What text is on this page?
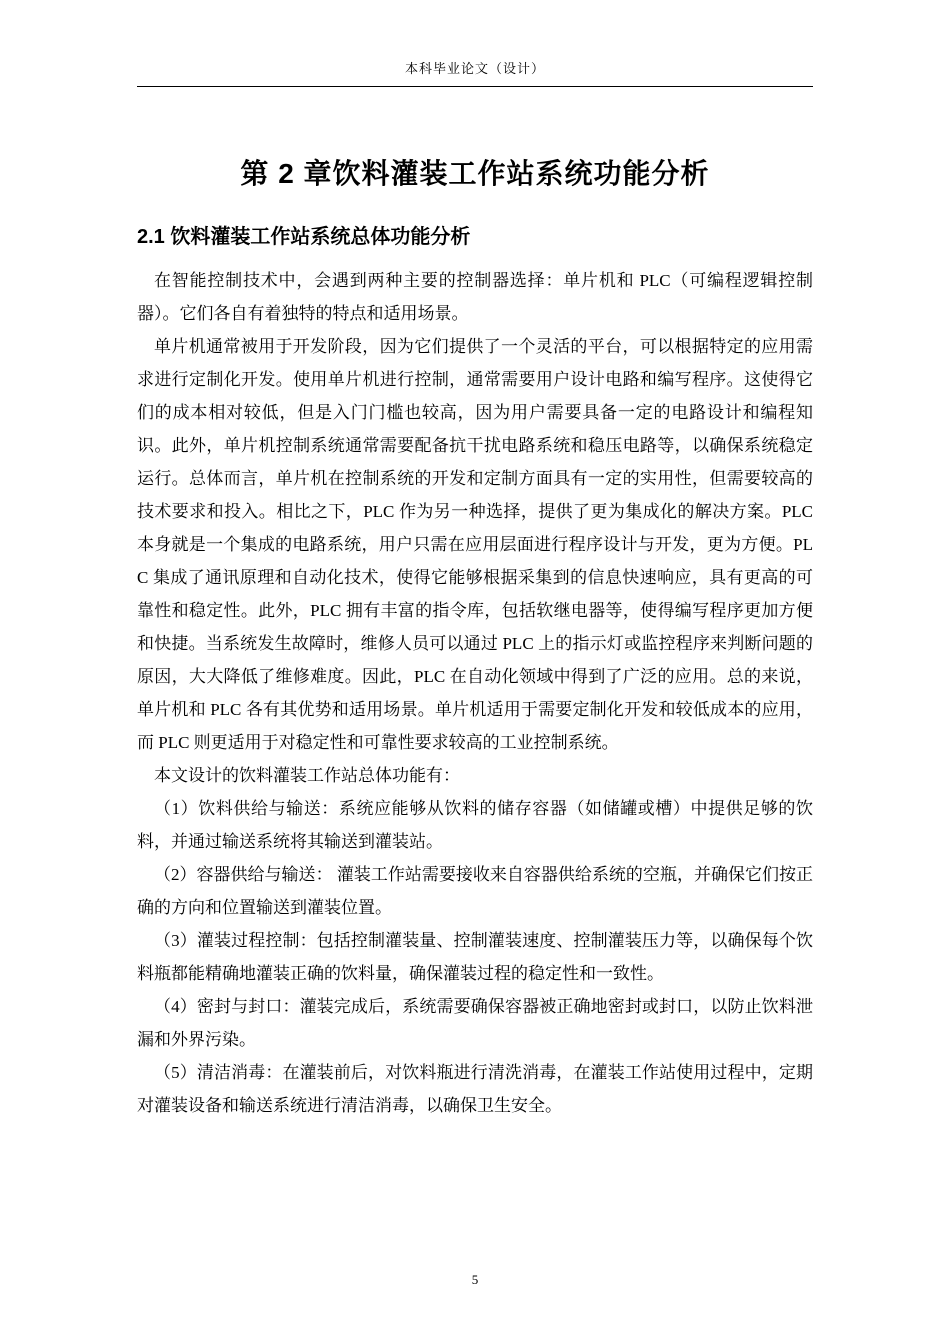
本科毕业论文（设计）
第 2 章饮料灌装工作站系统功能分析
2.1 饮料灌装工作站系统总体功能分析

在智能控制技术中，会遇到两种主要的控制器选择：单片机和 PLC（可编程逻辑控制器）。它们各自有着独特的特点和适用场景。

单片机通常被用于开发阶段，因为它们提供了一个灵活的平台，可以根据特定的应用需求进行定制化开发。使用单片机进行控制，通常需要用户设计电路和编写程序。这使得它们的成本相对较低，但是入门门槛也较高，因为用户需要具备一定的电路设计和编程知识。此外，单片机控制系统通常需要配备抗干扰电路系统和稳压电路等，以确保系统稳定运行。总体而言，单片机在控制系统的开发和定制方面具有一定的实用性，但需要较高的技术要求和投入。相比之下，PLC 作为另一种选择，提供了更为集成化的解决方案。PLC 本身就是一个集成的电路系统，用户只需在应用层面进行程序设计与开发，更为方便。PLC 集成了通讯原理和自动化技术，使得它能够根据采集到的信息快速响应，具有更高的可靠性和稳定性。此外，PLC 拥有丰富的指令库，包括软继电器等，使得编写程序更加方便和快捷。当系统发生故障时，维修人员可以通过 PLC 上的指示灯或监控程序来判断问题的原因，大大降低了维修难度。因此，PLC 在自动化领域中得到了广泛的应用。总的来说，单片机和 PLC 各有其优势和适用场景。单片机适用于需要定制化开发和较低成本的应用，而 PLC 则更适用于对稳定性和可靠性要求较高的工业控制系统。

本文设计的饮料灌装工作站总体功能有：

（1）饮料供给与输送：系统应能够从饮料的储存容器（如储罐或槽）中提供足够的饮料，并通过输送系统将其输送到灌装站。

（2）容器供给与输送： 灌装工作站需要接收来自容器供给系统的空瓶，并确保它们按正确的方向和位置输送到灌装位置。

（3）灌装过程控制：包括控制灌装量、控制灌装速度、控制灌装压力等，以确保每个饮料瓶都能精确地灌装正确的饮料量，确保灌装过程的稳定性和一致性。

（4）密封与封口：灌装完成后，系统需要确保容器被正确地密封或封口，以防止饮料泄漏和外界污染。

（5）清洁消毒：在灌装前后，对饮料瓶进行清洗消毒，在灌装工作站使用过程中，定期对灌装设备和输送系统进行清洁消毒，以确保卫生安全。

5
